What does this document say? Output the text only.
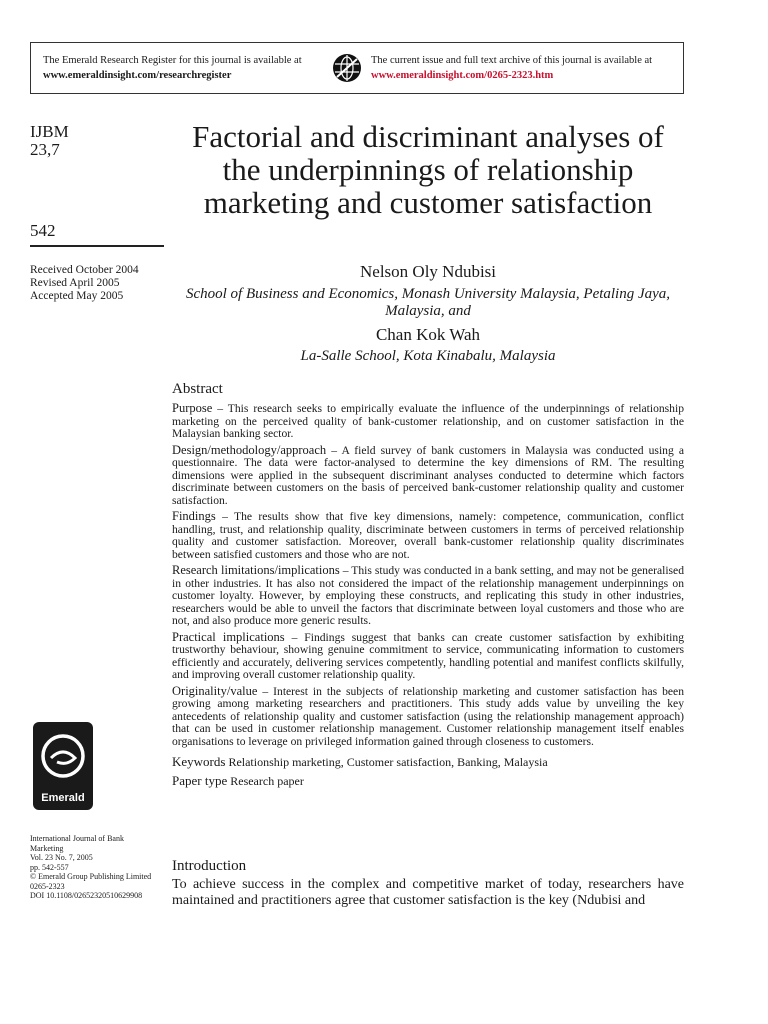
The Emerald Research Register for this journal is available at
www.emeraldinsight.com/researchregister
The current issue and full text archive of this journal is available at
www.emeraldinsight.com/0265-2323.htm
IJBM
23,7
542
Received October 2004
Revised April 2005
Accepted May 2005
Emerald
International Journal of Bank
Marketing
Vol. 23 No. 7, 2005
pp. 542-557
© Emerald Group Publishing Limited
0265-2323
DOI 10.1108/02652320510629908
Factorial and discriminant analyses of the underpinnings of relationship marketing and customer satisfaction
Nelson Oly Ndubisi
School of Business and Economics, Monash University Malaysia, Petaling Jaya, Malaysia, and
Chan Kok Wah
La-Salle School, Kota Kinabalu, Malaysia
Abstract

Purpose – This research seeks to empirically evaluate the influence of the underpinnings of relationship marketing on the perceived quality of bank-customer relationship, and on customer satisfaction in the Malaysian banking sector.

Design/methodology/approach – A field survey of bank customers in Malaysia was conducted using a questionnaire. The data were factor-analysed to determine the key dimensions of RM. The resulting dimensions were applied in the subsequent discriminant analyses conducted to determine which factors discriminate between customers on the basis of perceived bank-customer relationship quality and customer satisfaction.

Findings – The results show that five key dimensions, namely: competence, communication, conflict handling, trust, and relationship quality, discriminate between customers in terms of perceived relationship quality and customer satisfaction. Moreover, overall bank-customer relationship quality discriminates between satisfied customers and those who are not.

Research limitations/implications – This study was conducted in a bank setting, and may not be generalised in other industries. It has also not considered the impact of the relationship management underpinnings on customer loyalty. However, by employing these constructs, and replicating this study in other industries, researchers would be able to unveil the factors that discriminate between loyal customers and those who are not, and also produce more generic results.

Practical implications – Findings suggest that banks can create customer satisfaction by exhibiting trustworthy behaviour, showing genuine commitment to service, communicating information to customers efficiently and accurately, delivering services competently, handling potential and manifest conflicts skilfully, and improving overall customer relationship quality.

Originality/value – Interest in the subjects of relationship marketing and customer satisfaction has been growing among marketing researchers and practitioners. This study adds value by unveiling the key antecedents of relationship quality and customer satisfaction (using the relationship management approach) that can be used in customer relationship management. Customer relationship management itself enables organisations to leverage on privileged information gained through closeness to customers.

Keywords Relationship marketing, Customer satisfaction, Banking, Malaysia

Paper type Research paper

Introduction

To achieve success in the complex and competitive market of today, researchers have maintained and practitioners agree that customer satisfaction is the key (Ndubisi and
